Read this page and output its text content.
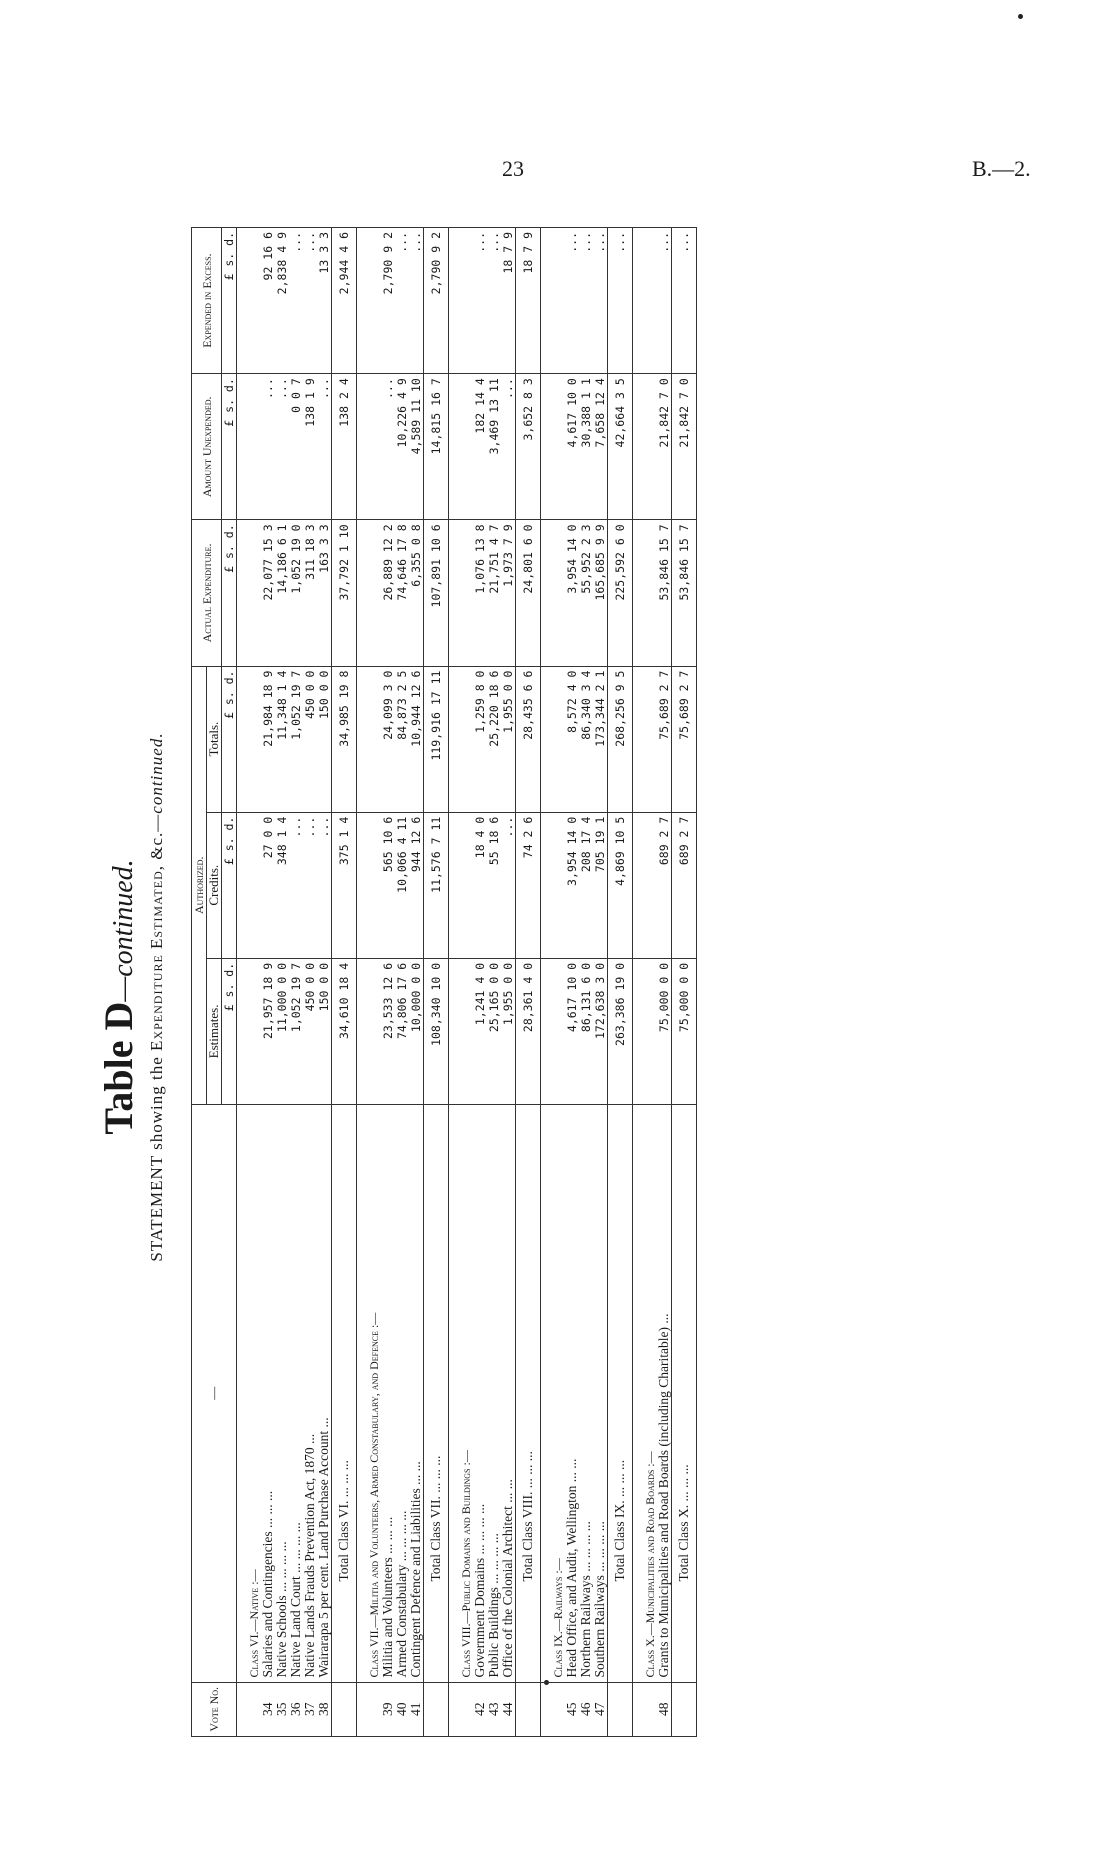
23	B.—2.
Table D—continued.
STATEMENT showing the Expenditure Estimated, &c.—continued.
Vote No.	—	Authorized.			Actual Expenditure.	Amount Unexpended.	Expended in Excess.
		Estimates.	Credits.	Totals.			
		£ s. d.	£ s. d.	£ s. d.	£ s. d.	£ s. d.	£ s. d.
	Class VI.—Native :—						
34	Salaries and Contingencies ... ... ...	21,957 18 9	27 0 0	21,984 18 9	22,077 15 3	...	92 16 6
35	Native Schools ... ... ... ...	11,000 0 0	348 1 4	11,348 1 4	14,186 6 1	...	2,838 4 9
36	Native Land Court ... ... ... ...	1,052 19 7	...	1,052 19 7	1,052 19 0	0 0 7	...
37	Native Lands Frauds Prevention Act, 1870 ...	450 0 0	...	450 0 0	311 18 3	138 1 9	...
38	Wairarapa 5 per cent. Land Purchase Account ...	150 0 0	...	150 0 0	163 3 3	...	13 3 3
	Total Class VI. ... ... ...	34,610 18 4	375 1 4	34,985 19 8	37,792 1 10	138 2 4	2,944 4 6
	Class VII.—Militia and Volunteers, Armed Constabulary, and Defence :—						
39	Militia and Volunteers ... ... ...	23,533 12 6	565 10 6	24,099 3 0	26,889 12 2	...	2,790 9 2
40	Armed Constabulary ... ... ... ...	74,806 17 6	10,066 4 11	84,873 2 5	74,646 17 8	10,226 4 9	...
41	Contingent Defence and Liabilities ... ...	10,000 0 0	944 12 6	10,944 12 6	6,355 0 8	4,589 11 10	...
	Total Class VII. ... ... ...	108,340 10 0	11,576 7 11	119,916 17 11	107,891 10 6	14,815 16 7	2,790 9 2
	Class VIII.—Public Domains and Buildings :—						
42	Government Domains ... ... ... ...	1,241 4 0	18 4 0	1,259 8 0	1,076 13 8	182 14 4	...
43	Public Buildings ... ... ... ...	25,165 0 0	55 18 6	25,220 18 6	21,751 4 7	3,469 13 11	...
44	Office of the Colonial Architect ... ...	1,955 0 0	...	1,955 0 0	1,973 7 9	...	18 7 9
	Total Class VIII. ... ... ...	28,361 4 0	74 2 6	28,435 6 6	24,801 6 0	3,652 8 3	18 7 9
	Class IX.—Railways :—						
45	Head Office, and Audit, Wellington ... ...	4,617 10 0	3,954 14 0	8,572 4 0	3,954 14 0	4,617 10 0	...
46	Northern Railways ... ... ... ...	86,131 6 0	208 17 4	86,340 3 4	55,952 2 3	30,388 1 1	...
47	Southern Railways ... ... ... ...	172,638 3 0	705 19 1	173,344 2 1	165,685 9 9	7,658 12 4	...
	Total Class IX. ... ... ...	263,386 19 0	4,869 10 5	268,256 9 5	225,592 6 0	42,664 3 5	...
	Class X.—Municipalities and Road Boards :—						
48	Grants to Municipalities and Road Boards (including Charitable) ...	75,000 0 0	689 2 7	75,689 2 7	53,846 15 7	21,842 7 0	...
	Total Class X. ... ... ...	75,000 0 0	689 2 7	75,689 2 7	53,846 15 7	21,842 7 0	...
